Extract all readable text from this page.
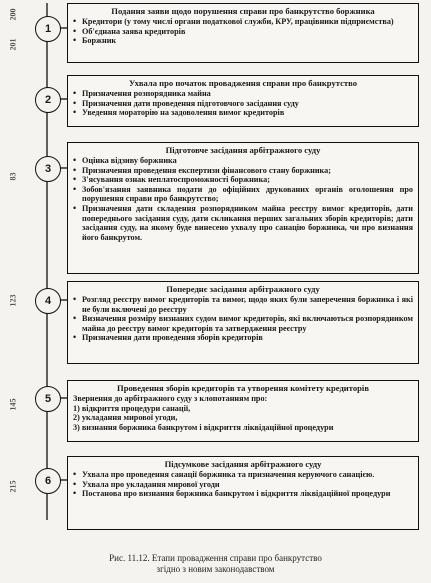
200
201
83
123
145
215
1
Подання заяви щодо порушення справи про банкрутство боржника
• Кредитори (у тому числі органи податкової служби, КРУ, працівники підприємства)
• Об'єднана заява кредиторів
• Боржник
2
Ухвала про початок провадження справи про банкрутство
• Призначення розпорядника майна
• Призначення дати проведення підготовчого засідання суду
• Уведення мораторію на задоволення вимог кредиторів
3
Підготовче засідання арбітражного суду
• Оцінка відзиву боржника
• Призначення проведення експертизи фінансового стану боржника;
• З'ясування ознак неплатоспроможності боржника;
• Зобов'язання заявника подати до офіційних друкованих органів оголошення про порушення справи про банкрутство;
• Призначення дати складення розпорядником майна реєстру вимог кредиторів, дати попереднього засідання суду, дати скликання перших загальних зборів кредиторів; дати засідання суду, на якому буде винесено ухвалу про санацію боржника, чи про визнання його банкрутом.
4
Попереднє засідання арбітражного суду
• Розгляд реєстру вимог кредиторів та вимог, щодо яких були заперечення боржника і які не були включені до реєстру
• Визначення розміру визнаних судом вимог кредиторів, які включаються розпорядником майна до реєстру вимог кредиторів та затвердження реєстру
• Призначення дати проведення зборів кредиторів
5
Проведення зборів кредиторів та утворення комітету кредиторів
Звернення до арбітражного суду з клопотанням про:
1) відкриття процедури санації,
2) укладання мирової угоди,
3) визнання боржника банкрутом і відкриття ліквідаційної процедури
6
Підсумкове засідання арбітражного суду
• Ухвала про проведення санації боржника та призначення керуючого санацією.
• Ухвала про укладання мирової угоди
• Постанова про визнання боржника банкрутом і відкриття ліквідаційної процедури
Рис. 11.12. Етапи провадження справи про банкрутство
згідно з новим законодавством
